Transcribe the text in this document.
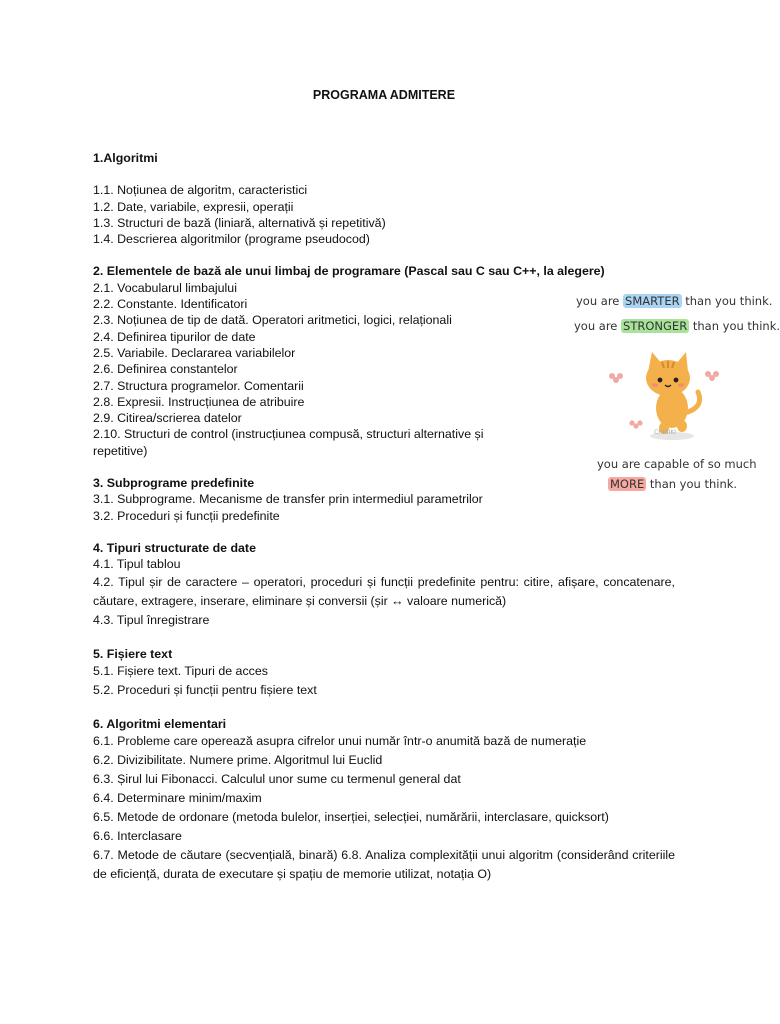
PROGRAMA ADMITERE
1.Algoritmi

1.1. Noțiunea de algoritm, caracteristici

1.2. Date, variabile, expresii, operații

1.3. Structuri de bază (liniară, alternativă și repetitivă)

1.4. Descrierea algoritmilor (programe pseudocod)

2. Elementele de bază ale unui limbaj de programare (Pascal sau C sau C++, la alegere)

2.1. Vocabularul limbajului

2.2. Constante. Identificatori

2.3. Noțiunea de tip de dată. Operatori aritmetici, logici, relaționali

2.4. Definirea tipurilor de date

2.5. Variabile. Declararea variabilelor

2.6. Definirea constantelor

2.7. Structura programelor. Comentarii

2.8. Expresii. Instrucțiunea de atribuire

2.9. Citirea/scrierea datelor

2.10. Structuri de control (instrucțiunea compusă, structuri alternative și repetitive)

3. Subprograme predefinite

3.1. Subprograme. Mecanisme de transfer prin intermediul parametrilor

3.2. Proceduri și funcții predefinite

4. Tipuri structurate de date

4.1. Tipul tablou

4.2. Tipul șir de caractere – operatori, proceduri și funcții predefinite pentru: citire, afișare, concatenare, căutare, extragere, inserare, eliminare și conversii (șir ↔ valoare numerică)

4.3. Tipul înregistrare

5. Fișiere text

5.1. Fișiere text. Tipuri de acces

5.2. Proceduri și funcții pentru fișiere text

6. Algoritmi elementari

6.1. Probleme care operează asupra cifrelor unui număr într-o anumită bază de numerație

6.2. Divizibilitate. Numere prime. Algoritmul lui Euclid

6.3. Șirul lui Fibonacci. Calculul unor sume cu termenul general dat

6.4. Determinare minim/maxim

6.5. Metode de ordonare (metoda bulelor, inserției, selecției, numărării, interclasare, quicksort)

6.6. Interclasare

6.7. Metode de căutare (secvențială, binară) 6.8. Analiza complexității unui algoritm (considerând criteriile de eficiență, durata de executare și spațiu de memorie utilizat, notația O)

you are SMARTER than you think.
you are STRONGER than you think.
CHIBIKI
you are capable of so much
MORE than you think.
